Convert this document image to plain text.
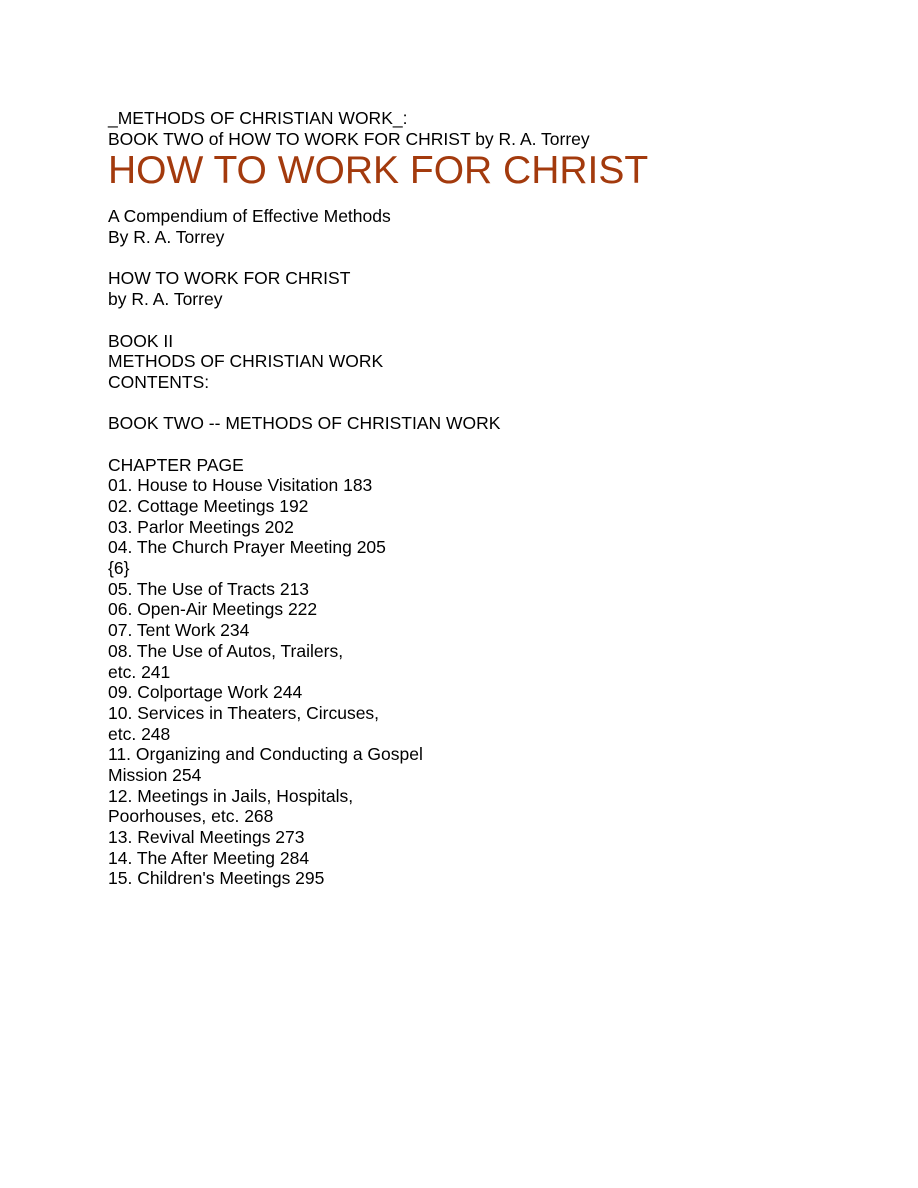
_METHODS OF CHRISTIAN WORK_:
BOOK TWO of HOW TO WORK FOR CHRIST by R. A. Torrey
HOW TO WORK FOR CHRIST
A Compendium of Effective Methods
By R. A. Torrey
HOW TO WORK FOR CHRIST
by R. A. Torrey
BOOK II
METHODS OF CHRISTIAN WORK
CONTENTS:
BOOK TWO -- METHODS OF CHRISTIAN WORK
CHAPTER PAGE
01. House to House Visitation 183
02. Cottage Meetings 192
03. Parlor Meetings 202
04. The Church Prayer Meeting 205
{6}
05. The Use of Tracts 213
06. Open-Air Meetings 222
07. Tent Work 234
08. The Use of Autos, Trailers,
etc. 241
09. Colportage Work 244
10. Services in Theaters, Circuses,
etc. 248
11. Organizing and Conducting a Gospel
Mission 254
12. Meetings in Jails, Hospitals,
Poorhouses, etc. 268
13. Revival Meetings 273
14. The After Meeting 284
15. Children's Meetings 295
